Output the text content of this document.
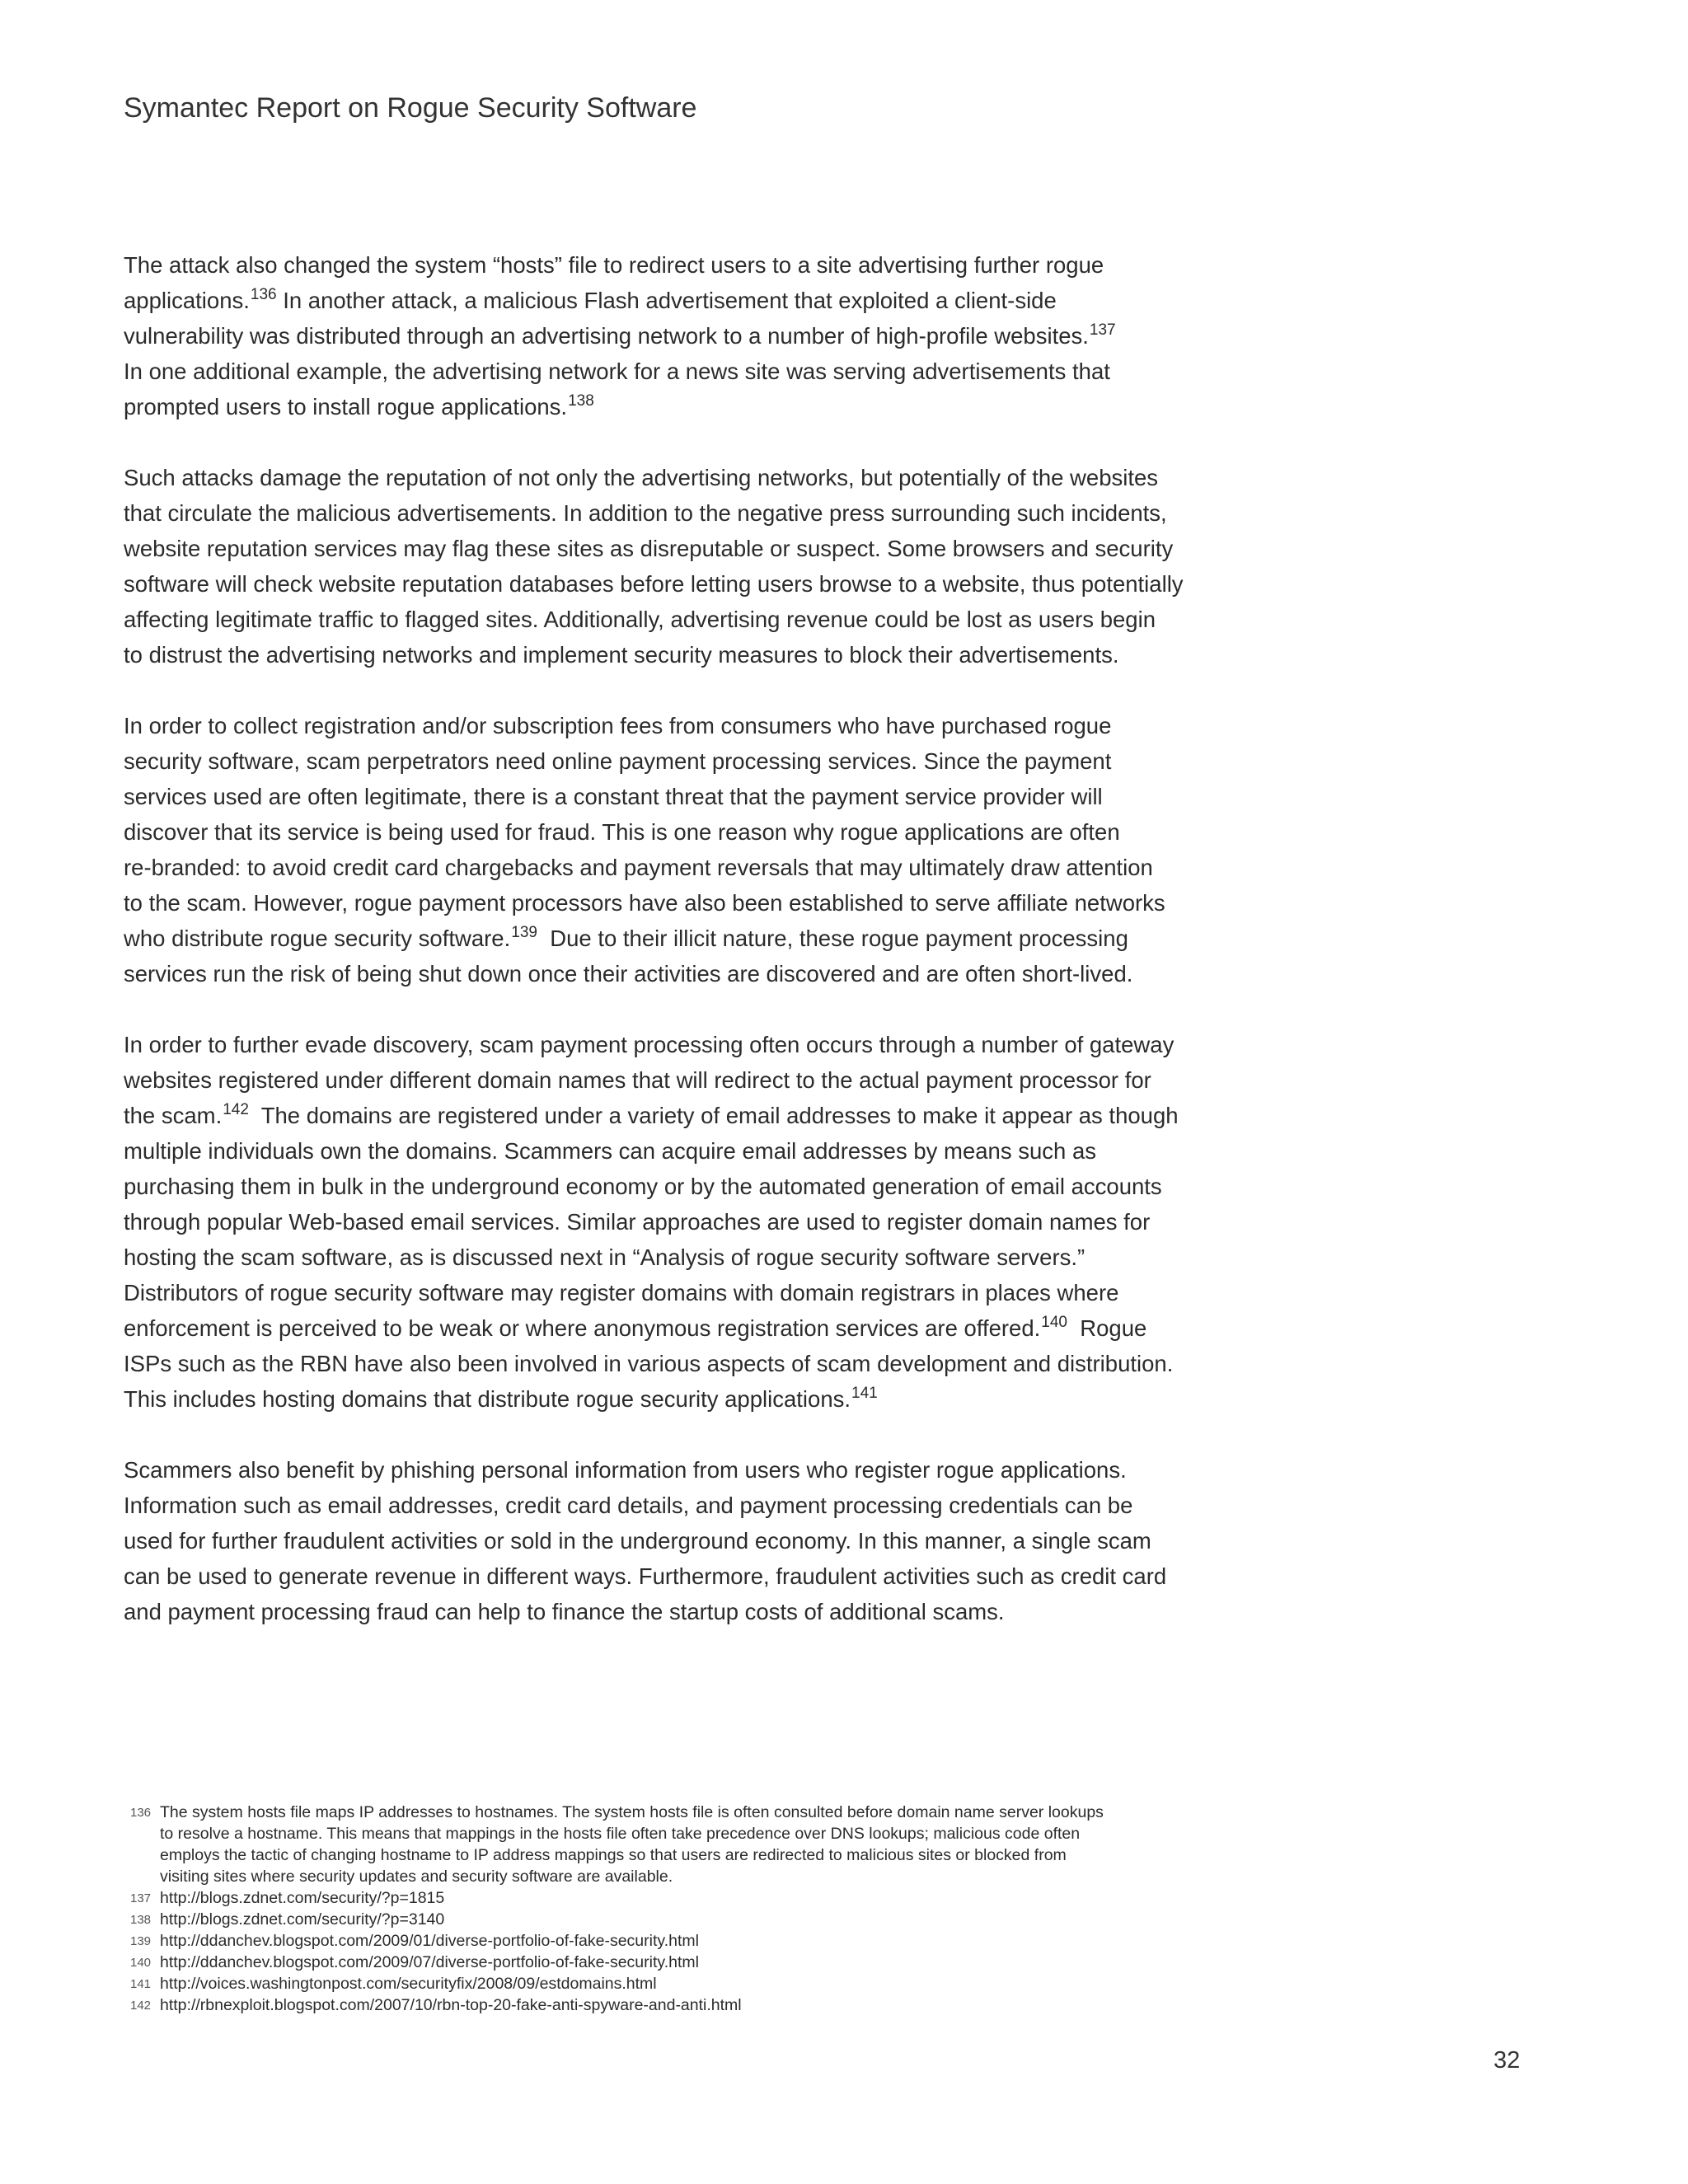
Symantec Report on Rogue Security Software
The attack also changed the system “hosts” file to redirect users to a site advertising further rogue
applications.$^{136}$ In another attack, a malicious Flash advertisement that exploited a client-side
vulnerability was distributed through an advertising network to a number of high-profile websites.$^{137}$
In one additional example, the advertising network for a news site was serving advertisements that
prompted users to install rogue applications.$^{138}$
Such attacks damage the reputation of not only the advertising networks, but potentially of the websites
that circulate the malicious advertisements. In addition to the negative press surrounding such incidents,
website reputation services may flag these sites as disreputable or suspect. Some browsers and security
software will check website reputation databases before letting users browse to a website, thus potentially
affecting legitimate traffic to flagged sites. Additionally, advertising revenue could be lost as users begin
to distrust the advertising networks and implement security measures to block their advertisements.
In order to collect registration and/or subscription fees from consumers who have purchased rogue
security software, scam perpetrators need online payment processing services. Since the payment
services used are often legitimate, there is a constant threat that the payment service provider will
discover that its service is being used for fraud. This is one reason why rogue applications are often
re-branded: to avoid credit card chargebacks and payment reversals that may ultimately draw attention
to the scam. However, rogue payment processors have also been established to serve affiliate networks
who distribute rogue security software.$^{139}$  Due to their illicit nature, these rogue payment processing
services run the risk of being shut down once their activities are discovered and are often short-lived.
In order to further evade discovery, scam payment processing often occurs through a number of gateway
websites registered under different domain names that will redirect to the actual payment processor for
the scam.$^{142}$  The domains are registered under a variety of email addresses to make it appear as though
multiple individuals own the domains. Scammers can acquire email addresses by means such as
purchasing them in bulk in the underground economy or by the automated generation of email accounts
through popular Web-based email services. Similar approaches are used to register domain names for
hosting the scam software, as is discussed next in “Analysis of rogue security software servers.”
Distributors of rogue security software may register domains with domain registrars in places where
enforcement is perceived to be weak or where anonymous registration services are offered.$^{140}$  Rogue
ISPs such as the RBN have also been involved in various aspects of scam development and distribution.
This includes hosting domains that distribute rogue security applications.$^{141}$
Scammers also benefit by phishing personal information from users who register rogue applications.
Information such as email addresses, credit card details, and payment processing credentials can be
used for further fraudulent activities or sold in the underground economy. In this manner, a single scam
can be used to generate revenue in different ways. Furthermore, fraudulent activities such as credit card
and payment processing fraud can help to finance the startup costs of additional scams.
136 The system hosts file maps IP addresses to hostnames. The system hosts file is often consulted before domain name server lookups
to resolve a hostname. This means that mappings in the hosts file often take precedence over DNS lookups; malicious code often
employs the tactic of changing hostname to IP address mappings so that users are redirected to malicious sites or blocked from
visiting sites where security updates and security software are available.
137 http://blogs.zdnet.com/security/?p=1815
138 http://blogs.zdnet.com/security/?p=3140
139 http://ddanchev.blogspot.com/2009/01/diverse-portfolio-of-fake-security.html
140 http://ddanchev.blogspot.com/2009/07/diverse-portfolio-of-fake-security.html
141 http://voices.washingtonpost.com/securityfix/2008/09/estdomains.html
142 http://rbnexploit.blogspot.com/2007/10/rbn-top-20-fake-anti-spyware-and-anti.html

32
